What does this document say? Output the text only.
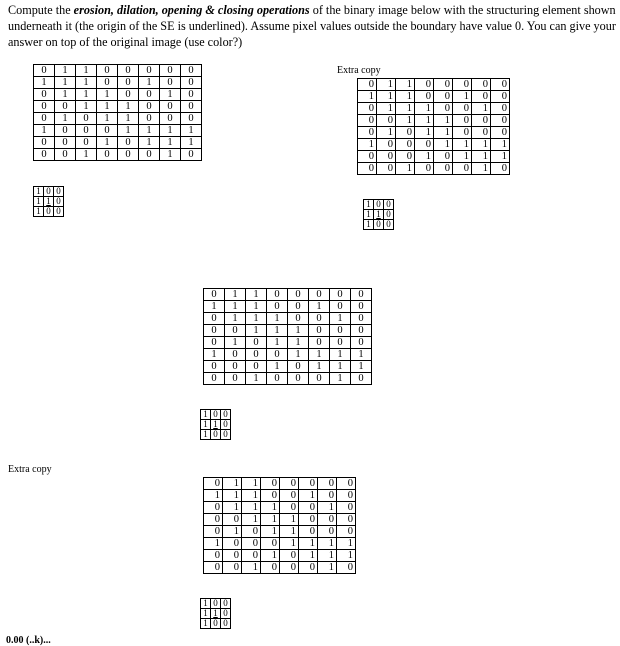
Compute the erosion, dilation, opening & closing operations of the binary image below with the structuring element shown underneath it (the origin of the SE is underlined). Assume pixel values outside the boundary have value 0. You can give your answer on top of the original image (use color?)
0	1	1	0	0	0	0	0
1	1	1	0	0	1	0	0
0	1	1	1	0	0	1	0
0	0	1	1	1	0	0	0
0	1	0	1	1	0	0	0
1	0	0	0	1	1	1	1
0	0	0	1	0	1	1	1
0	0	1	0	0	0	1	0
1	0	0
1	1	0
1	0	0
Extra copy
0	1	1	0	0	0	0	0
1	1	1	0	0	1	0	0
0	1	1	1	0	0	1	0
0	0	1	1	1	0	0	0
0	1	0	1	1	0	0	0
1	0	0	0	1	1	1	1
0	0	0	1	0	1	1	1
0	0	1	0	0	0	1	0
1	0	0
1	1	0
1	0	0
0	1	1	0	0	0	0	0
1	1	1	0	0	1	0	0
0	1	1	1	0	0	1	0
0	0	1	1	1	0	0	0
0	1	0	1	1	0	0	0
1	0	0	0	1	1	1	1
0	0	0	1	0	1	1	1
0	0	1	0	0	0	1	0
1	0	0
1	1	0
1	0	0
Extra copy
0	1	1	0	0	0	0	0
1	1	1	0	0	1	0	0
0	1	1	1	0	0	1	0
0	0	1	1	1	0	0	0
0	1	0	1	1	0	0	0
1	0	0	0	1	1	1	1
0	0	0	1	0	1	1	1
0	0	1	0	0	0	1	0
1	0	0
1	1	0
1	0	0
0.00 (..k)...
